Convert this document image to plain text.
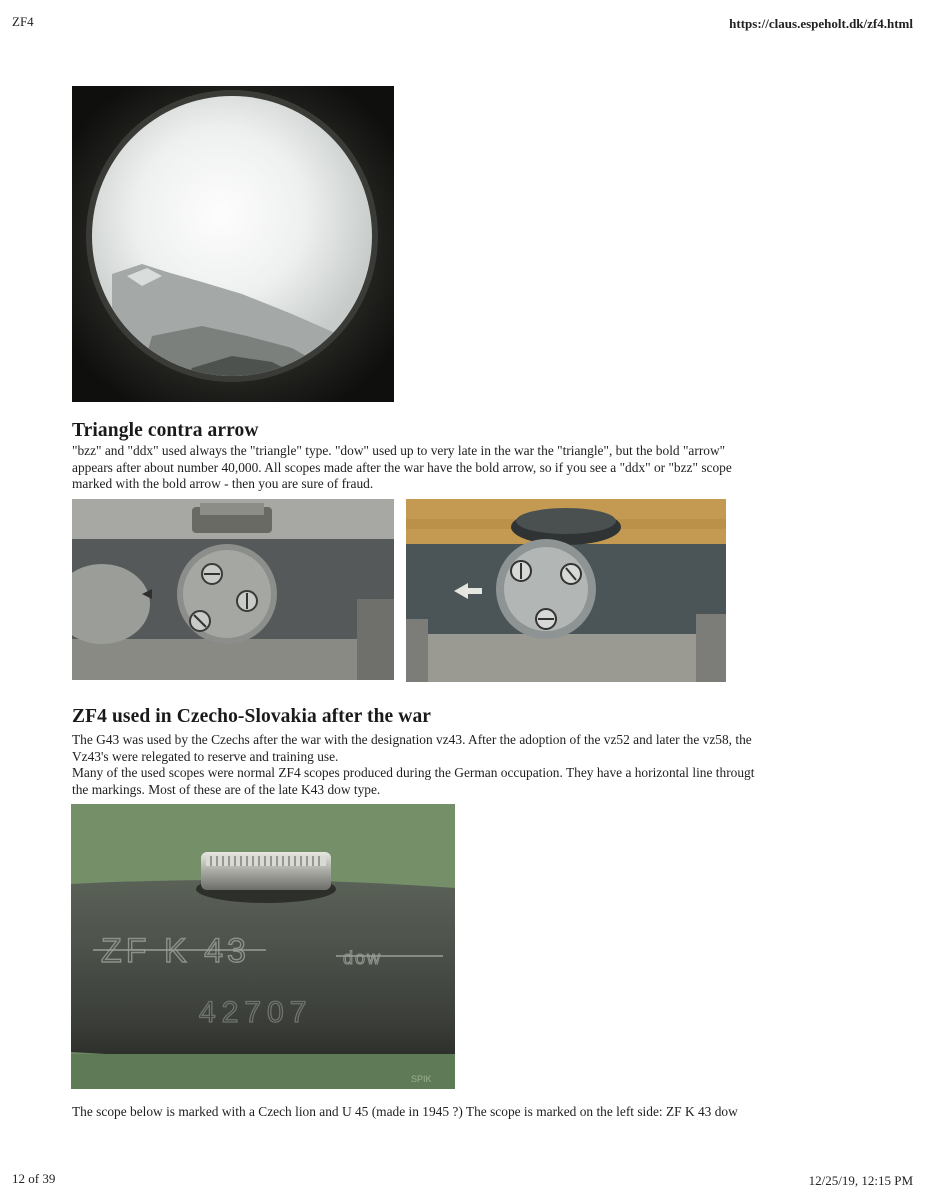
ZF4	https://claus.espeholt.dk/zf4.html
Triangle contra arrow

"bzz" and "ddx" used always the "triangle" type. "dow" used up to very late in the war the "triangle", but the bold "arrow"
appears after about number 40,000. All scopes made after the war have the bold arrow, so if you see a "ddx" or "bzz" scope
marked with the bold arrow - then you are sure of fraud.

ZF4 used in Czecho-Slovakia after the war

The G43 was used by the Czechs after the war with the designation vz43. After the adoption of the vz52 and later the vz58, the
Vz43's were relegated to reserve and training use.
Many of the used scopes were normal ZF4 scopes produced during the German occupation. They have a horizontal line througt
the markings. Most of these are of the late K43 dow type.

ZF K 43	dow
42707
SPIK

The scope below is marked with a Czech lion and U 45 (made in 1945 ?) The scope is marked on the left side: ZF K 43 dow

12 of 39	12/25/19, 12:15 PM
